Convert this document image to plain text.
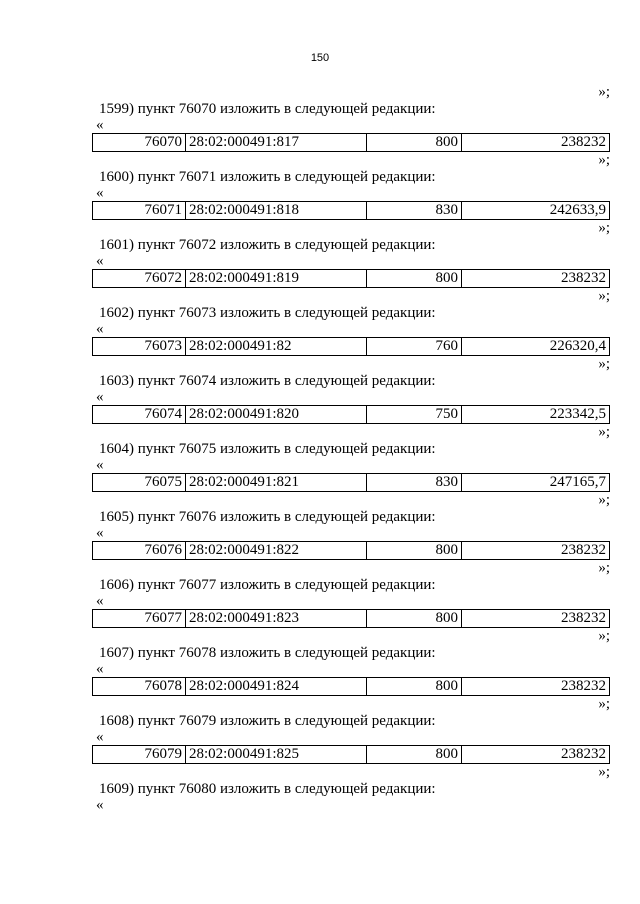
150
»;
1599) пункт 76070 изложить в следующей редакции:
«
76070	28:02:000491:817	800	238232
»;
1600) пункт 76071 изложить в следующей редакции:
«
76071	28:02:000491:818	830	242633,9
»;
1601) пункт 76072 изложить в следующей редакции:
«
76072	28:02:000491:819	800	238232
»;
1602) пункт 76073 изложить в следующей редакции:
«
76073	28:02:000491:82	760	226320,4
»;
1603) пункт 76074 изложить в следующей редакции:
«
76074	28:02:000491:820	750	223342,5
»;
1604) пункт 76075 изложить в следующей редакции:
«
76075	28:02:000491:821	830	247165,7
»;
1605) пункт 76076 изложить в следующей редакции:
«
76076	28:02:000491:822	800	238232
»;
1606) пункт 76077 изложить в следующей редакции:
«
76077	28:02:000491:823	800	238232
»;
1607) пункт 76078 изложить в следующей редакции:
«
76078	28:02:000491:824	800	238232
»;
1608) пункт 76079 изложить в следующей редакции:
«
76079	28:02:000491:825	800	238232
»;
1609) пункт 76080 изложить в следующей редакции:
«
